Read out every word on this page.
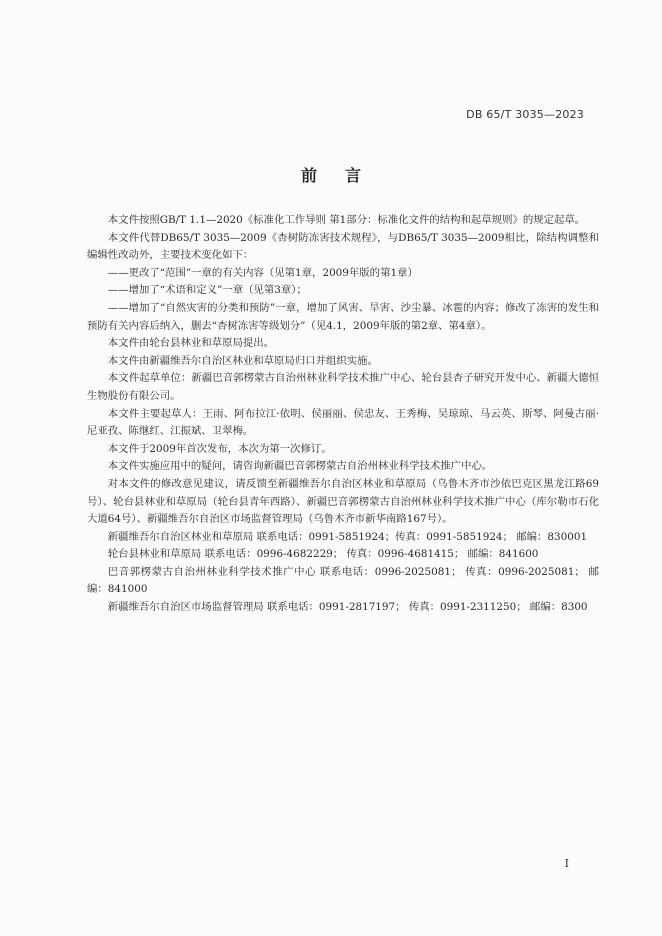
DB 65/T 3035—2023
前言

本文件按照GB/T 1.1—2020《标准化工作导则 第1部分：标准化文件的结构和起草规则》的规定起草。

本文件代替DB65/T 3035—2009《杏树防冻害技术规程》，与DB65/T 3035—2009相比，除结构调整和编辑性改动外，主要技术变化如下：

——更改了“范围”一章的有关内容（见第1章，2009年版的第1章）

——增加了“术语和定义”一章（见第3章）；

——增加了“自然灾害的分类和预防”一章，增加了风害、旱害、沙尘暴、冰雹的内容；修改了冻害的发生和预防有关内容后纳入，删去“杏树冻害等级划分”（见4.1，2009年版的第2章、第4章）。

本文件由轮台县林业和草原局提出。

本文件由新疆维吾尔自治区林业和草原局归口并组织实施。

本文件起草单位：新疆巴音郭楞蒙古自治州林业科学技术推广中心、轮台县杏子研究开发中心、新疆大德恒生物股份有限公司。

本文件主要起草人：王雨、阿布拉江·依明、侯丽丽、侯忠友、王秀梅、吴琼琼、马云英、斯琴、阿曼古丽·尼亚孜、陈继红、江振斌、卫翠梅。

本文件于2009年首次发布，本次为第一次修订。

本文件实施应用中的疑问，请咨询新疆巴音郭楞蒙古自治州林业科学技术推广中心。

对本文件的修改意见建议，请反馈至新疆维吾尔自治区林业和草原局（乌鲁木齐市沙依巴克区黑龙江路69号）、轮台县林业和草原局（轮台县青年西路）、新疆巴音郭楞蒙古自治州林业科学技术推广中心（库尔勒市石化大道64号）、新疆维吾尔自治区市场监督管理局（乌鲁木齐市新华南路167号）。

新疆维吾尔自治区林业和草原局 联系电话：0991-5851924；传真：0991-5851924； 邮编：830001

轮台县林业和草原局 联系电话：0996-4682229； 传真：0996-4681415； 邮编：841600

巴音郭楞蒙古自治州林业科学技术推广中心 联系电话：0996-2025081； 传真：0996-2025081； 邮编：841000

新疆维吾尔自治区市场监督管理局 联系电话：0991-2817197； 传真：0991-2311250； 邮编：8300

I
